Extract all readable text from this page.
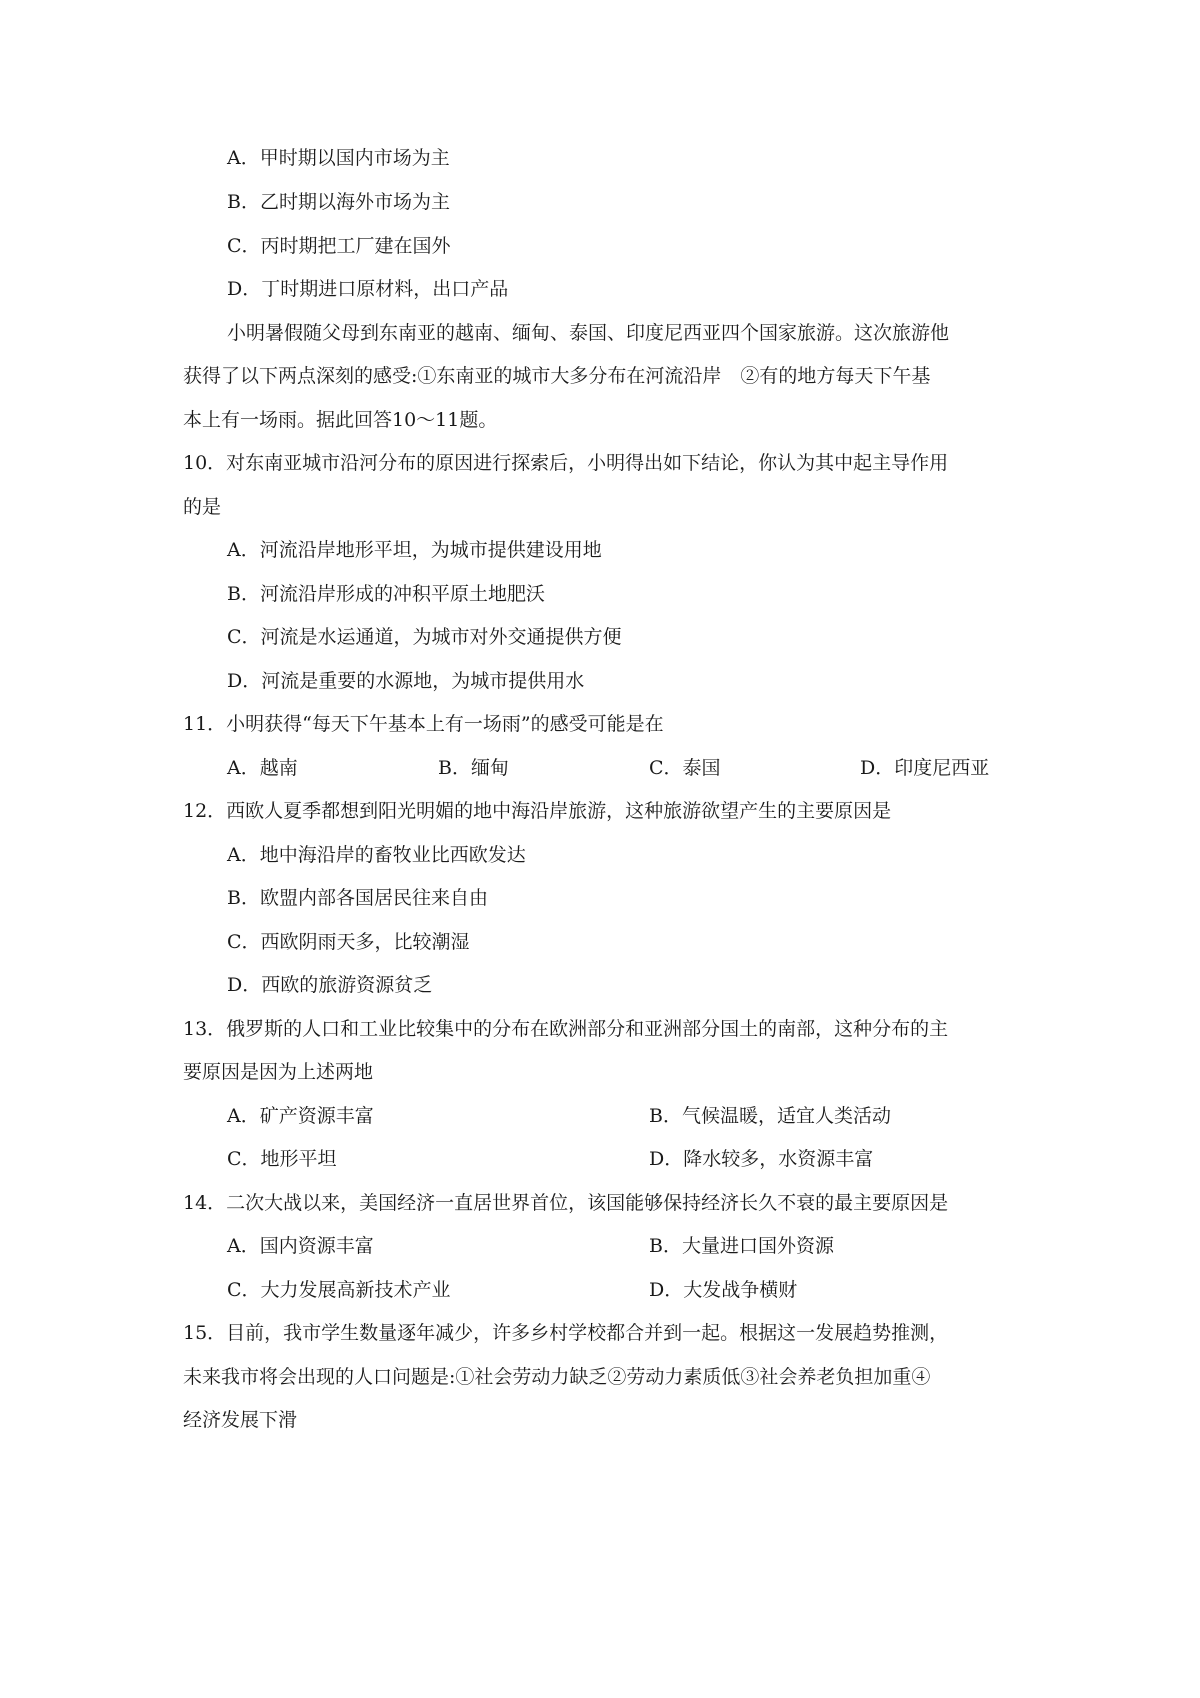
A．甲时期以国内市场为主
B．乙时期以海外市场为主
C．丙时期把工厂建在国外
D．丁时期进口原材料，出口产品
小明暑假随父母到东南亚的越南、缅甸、泰国、印度尼西亚四个国家旅游。这次旅游他
获得了以下两点深刻的感受:①东南亚的城市大多分布在河流沿岸　②有的地方每天下午基
本上有一场雨。据此回答10～11题。
10．对东南亚城市沿河分布的原因进行探索后，小明得出如下结论，你认为其中起主导作用
的是
A．河流沿岸地形平坦，为城市提供建设用地
B．河流沿岸形成的冲积平原土地肥沃
C．河流是水运通道，为城市对外交通提供方便
D．河流是重要的水源地，为城市提供用水
11．小明获得“每天下午基本上有一场雨”的感受可能是在
A．越南	B．缅甸	C．泰国	D．印度尼西亚
12．西欧人夏季都想到阳光明媚的地中海沿岸旅游，这种旅游欲望产生的主要原因是
A．地中海沿岸的畜牧业比西欧发达
B．欧盟内部各国居民往来自由
C．西欧阴雨天多，比较潮湿
D．西欧的旅游资源贫乏
13．俄罗斯的人口和工业比较集中的分布在欧洲部分和亚洲部分国土的南部，这种分布的主
要原因是因为上述两地
A．矿产资源丰富	B．气候温暖，适宜人类活动
C．地形平坦	D．降水较多，水资源丰富
14．二次大战以来，美国经济一直居世界首位，该国能够保持经济长久不衰的最主要原因是
A．国内资源丰富	B．大量进口国外资源
C．大力发展高新技术产业	D．大发战争横财
15．目前，我市学生数量逐年减少，许多乡村学校都合并到一起。根据这一发展趋势推测，
未来我市将会出现的人口问题是:①社会劳动力缺乏②劳动力素质低③社会养老负担加重④
经济发展下滑
